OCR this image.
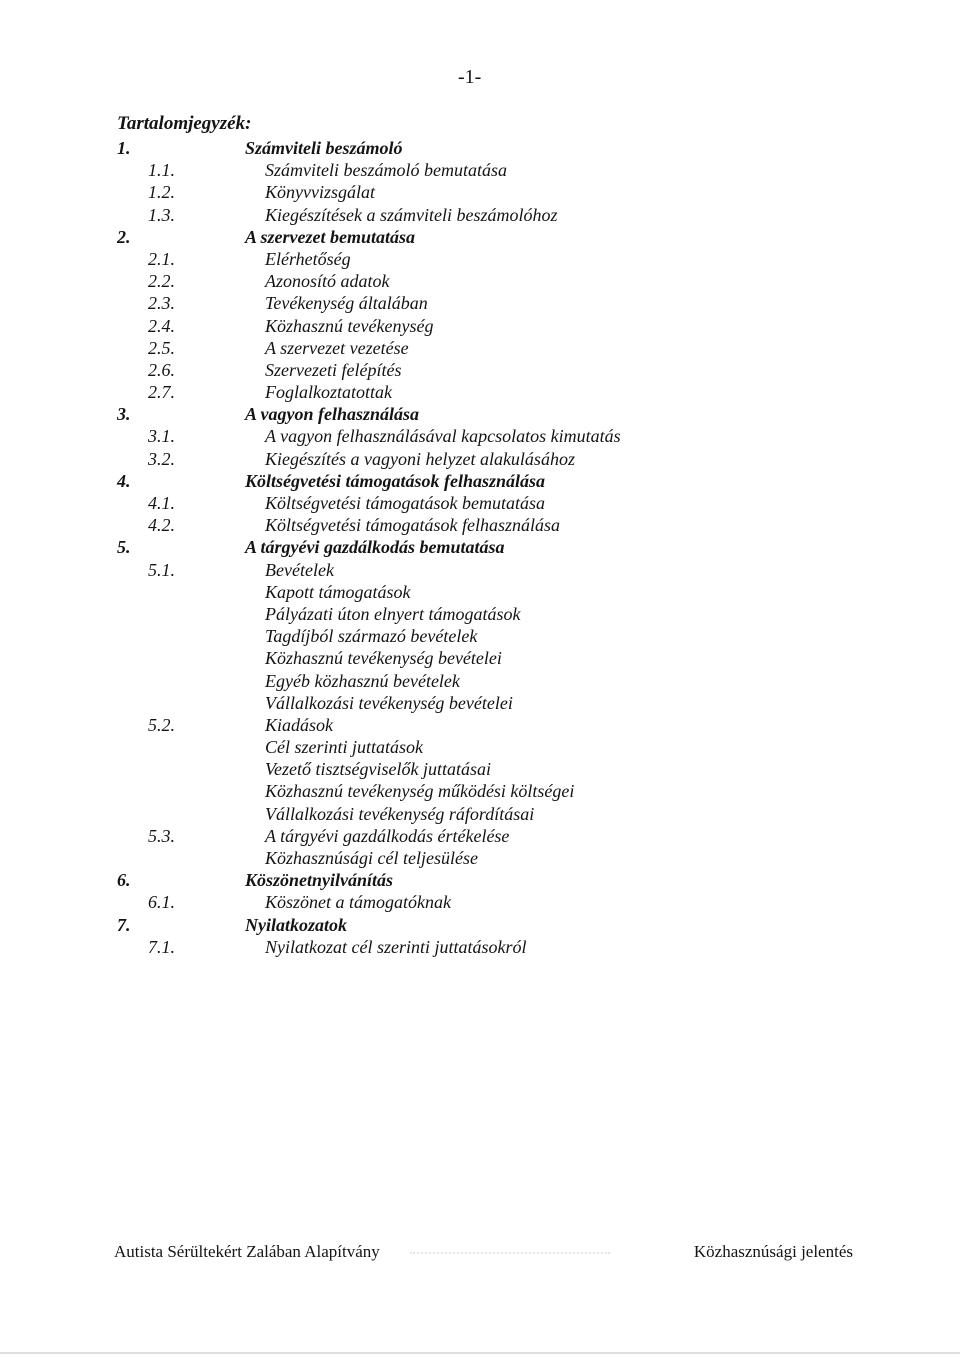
-1-
Tartalomjegyzék:
1.	Számviteli beszámoló
1.1.	Számviteli beszámoló bemutatása
1.2.	Könyvvizsgálat
1.3.	Kiegészítések a számviteli beszámolóhoz
2.	A szervezet bemutatása
2.1.	Elérhetőség
2.2.	Azonosító adatok
2.3.	Tevékenység általában
2.4.	Közhasznú tevékenység
2.5.	A szervezet vezetése
2.6.	Szervezeti felépítés
2.7.	Foglalkoztatottak
3.	A vagyon felhasználása
3.1.	A vagyon felhasználásával kapcsolatos kimutatás
3.2.	Kiegészítés a vagyoni helyzet alakulásához
4.	Költségvetési támogatások felhasználása
4.1.	Költségvetési támogatások bemutatása
4.2.	Költségvetési támogatások felhasználása
5.	A tárgyévi gazdálkodás bemutatása
5.1.	Bevételek
Kapott támogatások
Pályázati úton elnyert támogatások
Tagdíjból származó bevételek
Közhasznú tevékenység bevételei
Egyéb közhasznú bevételek
Vállalkozási tevékenység bevételei
5.2.	Kiadások
Cél szerinti juttatások
Vezető tisztségviselők juttatásai
Közhasznú tevékenység működési költségei
Vállalkozási tevékenység ráfordításai
5.3.	A tárgyévi gazdálkodás értékelése
Közhasznúsági cél teljesülése
6.	Köszönetnyilvánítás
6.1.	Köszönet a támogatóknak
7.	Nyilatkozatok
7.1.	Nyilatkozat cél szerinti juttatásokról
Autista Sérültekért Zalában Alapítvány	Közhasznúsági jelentés
